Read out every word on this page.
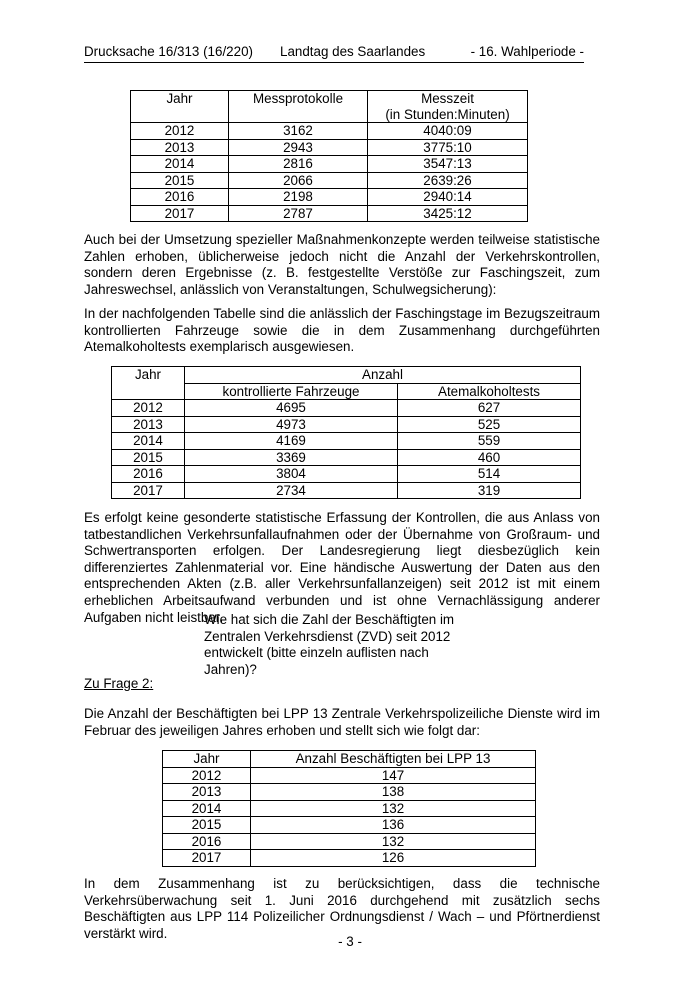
Drucksache 16/313 (16/220) Landtag des Saarlandes	- 16. Wahlperiode -
Jahr	Messprotokolle	Messzeit
(in Stunden:Minuten)

2012	3162	4040:09
2013	2943	3775:10
2014	2816	3547:13
2015	2066	2639:26
2016	2198	2940:14
2017	2787	3425:12

Auch bei der Umsetzung spezieller Maßnahmenkonzepte werden teilweise statistische Zahlen erhoben, üblicherweise jedoch nicht die Anzahl der Verkehrskontrollen, sondern deren Ergebnisse (z. B. festgestellte Verstöße zur Faschingszeit, zum Jahreswechsel, anlässlich von Veranstaltungen, Schulwegsicherung):

In der nachfolgenden Tabelle sind die anlässlich der Faschingstage im Bezugszeitraum kontrollierten Fahrzeuge sowie die in dem Zusammenhang durchgeführten Atemalkoholtests exemplarisch ausgewiesen.

Jahr	Anzahl	
	kontrollierte Fahrzeuge	Atemalkoholtests
2012	4695	627
2013	4973	525
2014	4169	559
2015	3369	460
2016	3804	514
2017	2734	319

Es erfolgt keine gesonderte statistische Erfassung der Kontrollen, die aus Anlass von tatbestandlichen Verkehrsunfallaufnahmen oder der Übernahme von Großraum- und Schwertransporten erfolgen. Der Landesregierung liegt diesbezüglich kein differenziertes Zahlenmaterial vor. Eine händische Auswertung der Daten aus den entsprechenden Akten (z.B. aller Verkehrsunfallanzeigen) seit 2012 ist mit einem erheblichen Arbeitsaufwand verbunden und ist ohne Vernachlässigung anderer Aufgaben nicht leistbar.

Wie hat sich die Zahl der Beschäftigten im Zentralen Verkehrsdienst (ZVD) seit 2012 entwickelt (bitte einzeln auflisten nach Jahren)?

Zu Frage 2:

Die Anzahl der Beschäftigten bei LPP 13 Zentrale Verkehrspolizeiliche Dienste wird im Februar des jeweiligen Jahres erhoben und stellt sich wie folgt dar:

Jahr	Anzahl Beschäftigten bei LPP 13
2012	147
2013	138
2014	132
2015	136
2016	132
2017	126

In dem Zusammenhang ist zu berücksichtigen, dass die technische Verkehrsüberwachung seit 1. Juni 2016 durchgehend mit zusätzlich sechs Beschäftigten aus LPP 114 Polizeilicher Ordnungsdienst / Wach – und Pförtnerdienst verstärkt wird.

- 3 -
